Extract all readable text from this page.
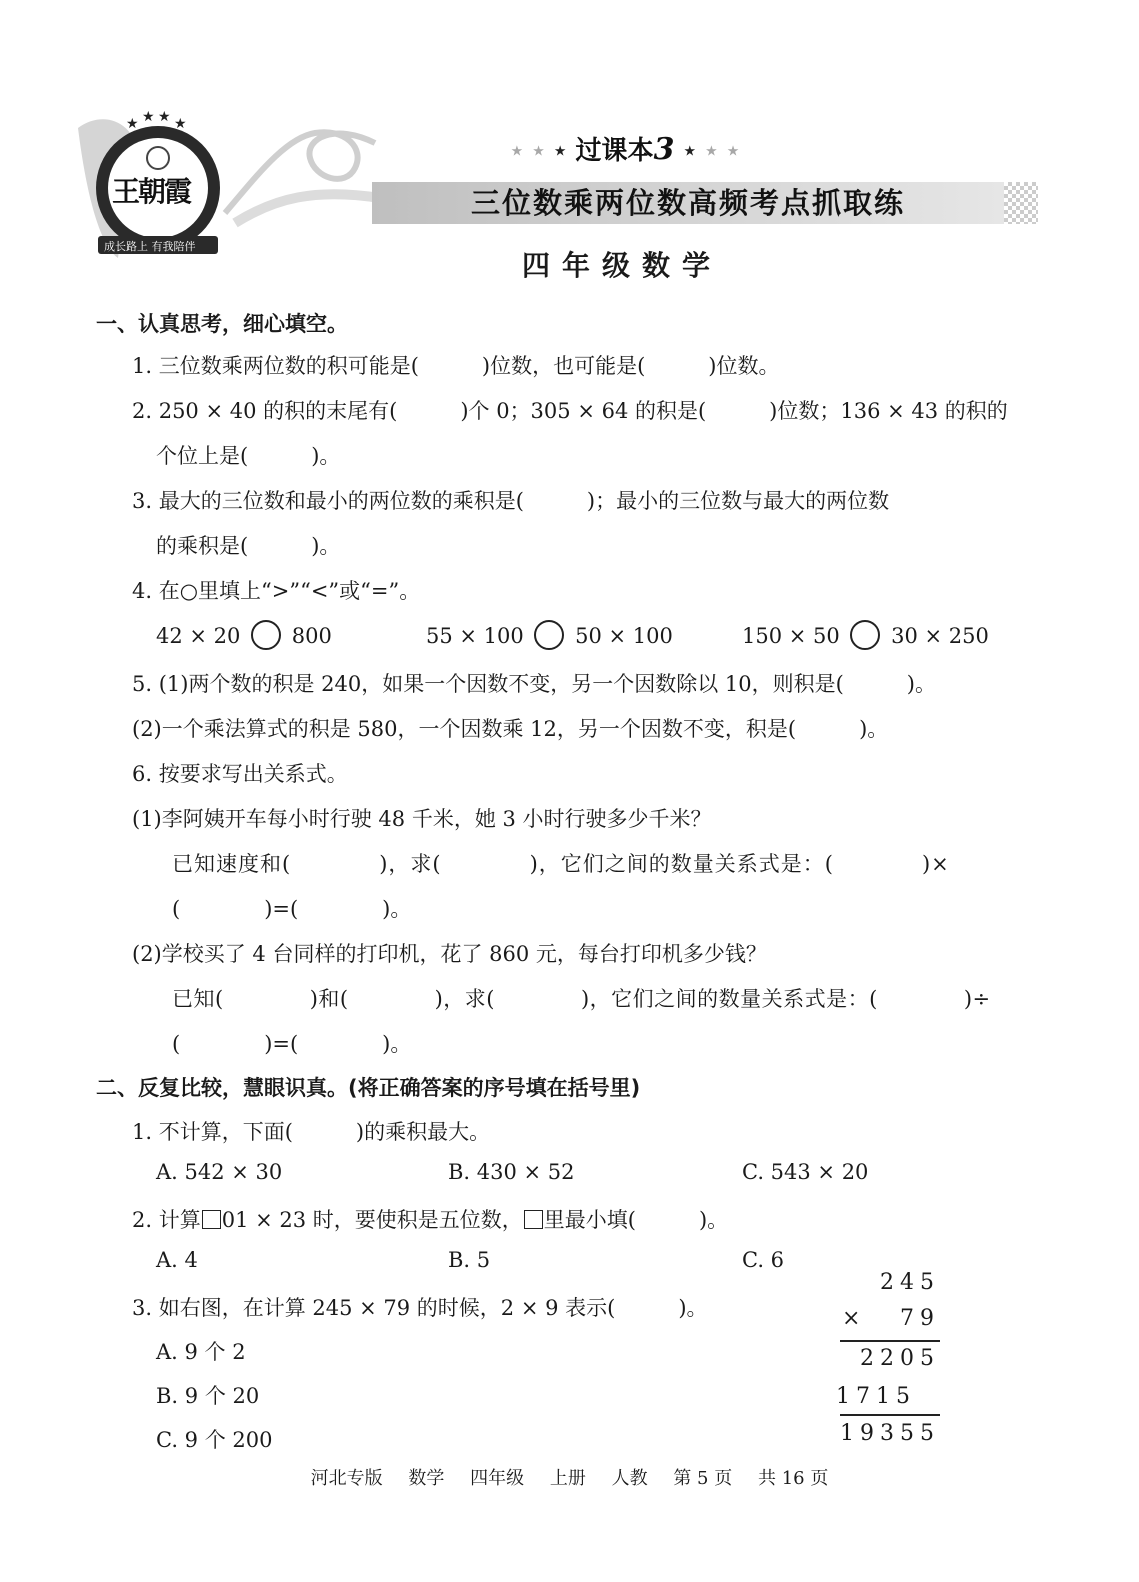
★ ★ ★ ★
王朝霞
成长路上 有我陪伴
★ ★ ★ 过课本3 ★ ★ ★
三位数乘两位数高频考点抓取练
四年级数学
一、认真思考，细心填空。
1. 三位数乘两位数的积可能是(　　　)位数，也可能是(　　　)位数。
2. 250 × 40 的积的末尾有(　　　)个 0；305 × 64 的积是(　　　)位数；136 × 43 的积的
个位上是(　　　)。
3. 最大的三位数和最小的两位数的乘积是(　　　)；最小的三位数与最大的两位数
的乘积是(　　　)。
4. 在○里填上“>”“<”或“=”。
42 × 20 800	55 × 100 50 × 100	150 × 50 30 × 250
5. (1)两个数的积是 240，如果一个因数不变，另一个因数除以 10，则积是(　　　)。
(2)一个乘法算式的积是 580，一个因数乘 12，另一个因数不变，积是(　　　)。
6. 按要求写出关系式。
(1)李阿姨开车每小时行驶 48 千米，她 3 小时行驶多少千米？
已知速度和(　　　　)，求(　　　　)，它们之间的数量关系式是：(　　　　)×
(　　　　)=(　　　　)。
(2)学校买了 4 台同样的打印机，花了 860 元，每台打印机多少钱？
已知(　　　　)和(　　　　)，求(　　　　)，它们之间的数量关系式是：(　　　　)÷
(　　　　)=(　　　　)。
二、反复比较，慧眼识真。(将正确答案的序号填在括号里)
1. 不计算，下面(　　　)的乘积最大。
A. 542 × 30	B. 430 × 52	C. 543 × 20
2. 计算 01 × 23 时，要使积是五位数， 里最小填(　　　)。
A. 4	B. 5	C. 6
3. 如右图，在计算 245 × 79 的时候，2 × 9 表示(　　　)。
A. 9 个 2
B. 9 个 20
C. 9 个 200
245
× 79
2205
1715
19355
河北专版 数学 四年级 上册 人教 第 5 页 共 16 页
